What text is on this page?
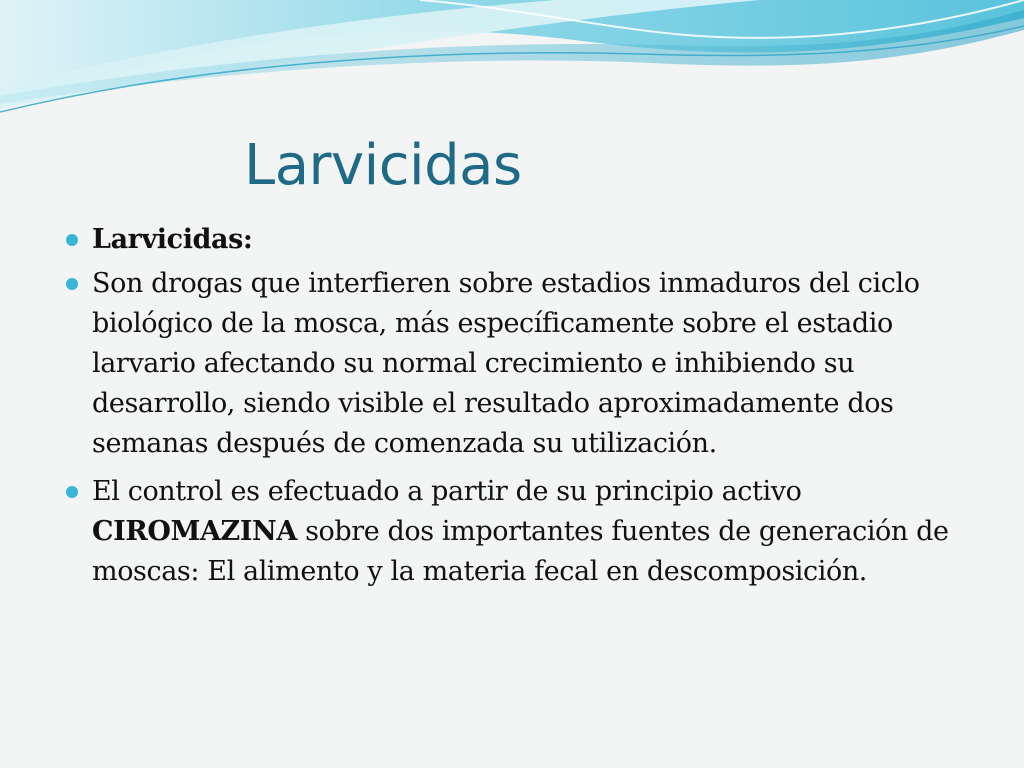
Larvicidas
Larvicidas:
Son drogas que interfieren sobre estadios inmaduros del ciclo biológico de la mosca, más específicamente sobre el estadio larvario afectando su normal crecimiento e inhibiendo su desarrollo, siendo visible el resultado aproximadamente dos semanas después de comenzada su utilización.
El control es efectuado a partir de su principio activo CIROMAZINA sobre dos importantes fuentes de generación de moscas: El alimento y la materia fecal en descomposición.
